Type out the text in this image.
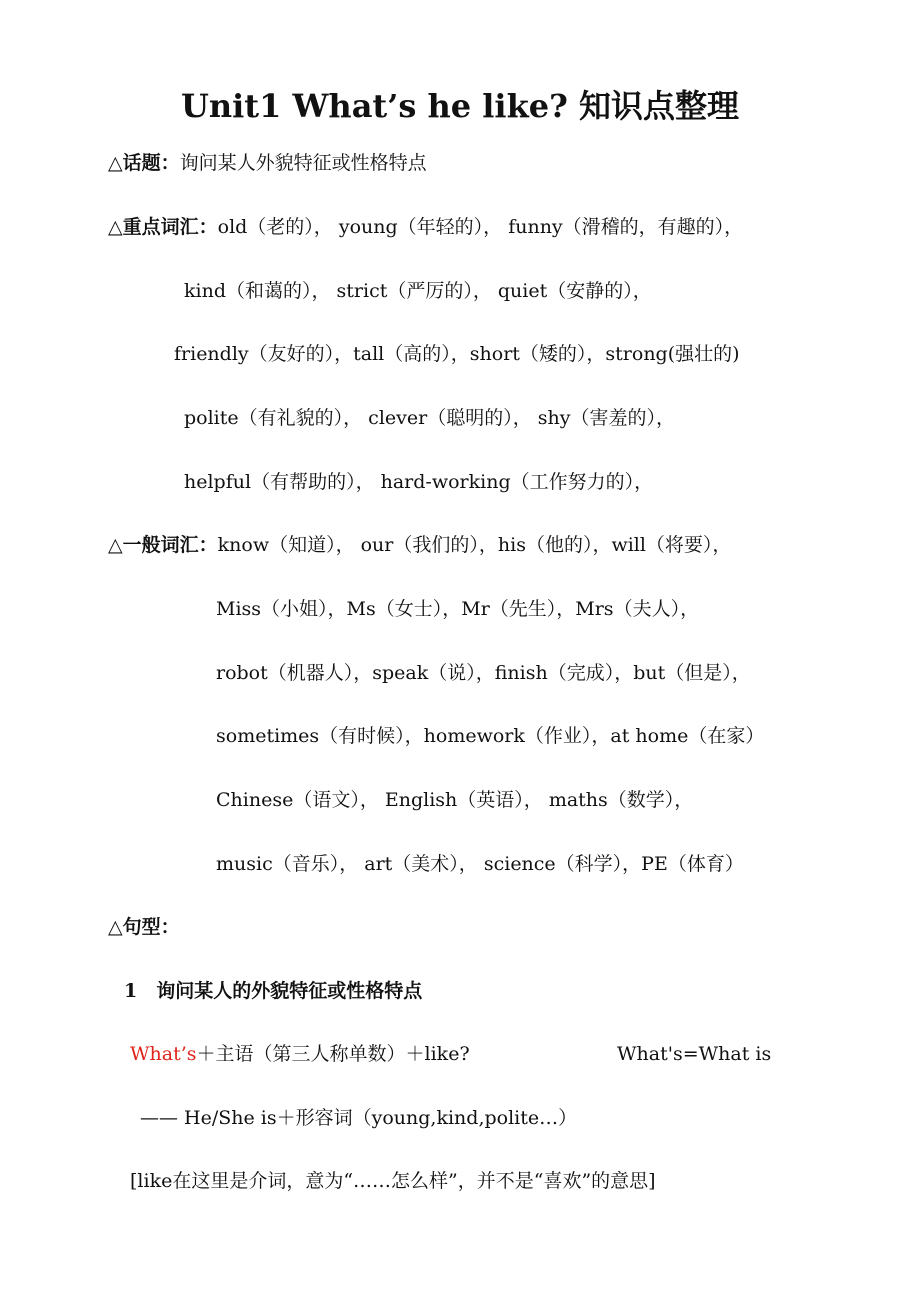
Unit1 What’s he like? 知识点整理
△话题：询问某人外貌特征或性格特点
△重点词汇：old（老的）， young（年轻的）， funny（滑稽的，有趣的），
kind（和蔼的）， strict（严厉的）， quiet（安静的），
friendly（友好的），tall（高的），short（矮的），strong(强壮的)
polite（有礼貌的）， clever（聪明的）， shy（害羞的），
helpful（有帮助的）， hard-working（工作努力的），
△一般词汇：know（知道）， our（我们的），his（他的），will（将要），
Miss（小姐），Ms（女士），Mr（先生），Mrs（夫人），
robot（机器人），speak（说），finish（完成），but（但是），
sometimes（有时候），homework（作业），at home（在家）
Chinese（语文）， English（英语）， maths（数学），
music（音乐）， art（美术）， science（科学），PE（体育）
△句型：
1　询问某人的外貌特征或性格特点
What’s＋主语（第三人称单数）＋like?	What's=What is
—— He/She is＋形容词（young,kind,polite…）
[like在这里是介词，意为“……怎么样”，并不是“喜欢”的意思]
